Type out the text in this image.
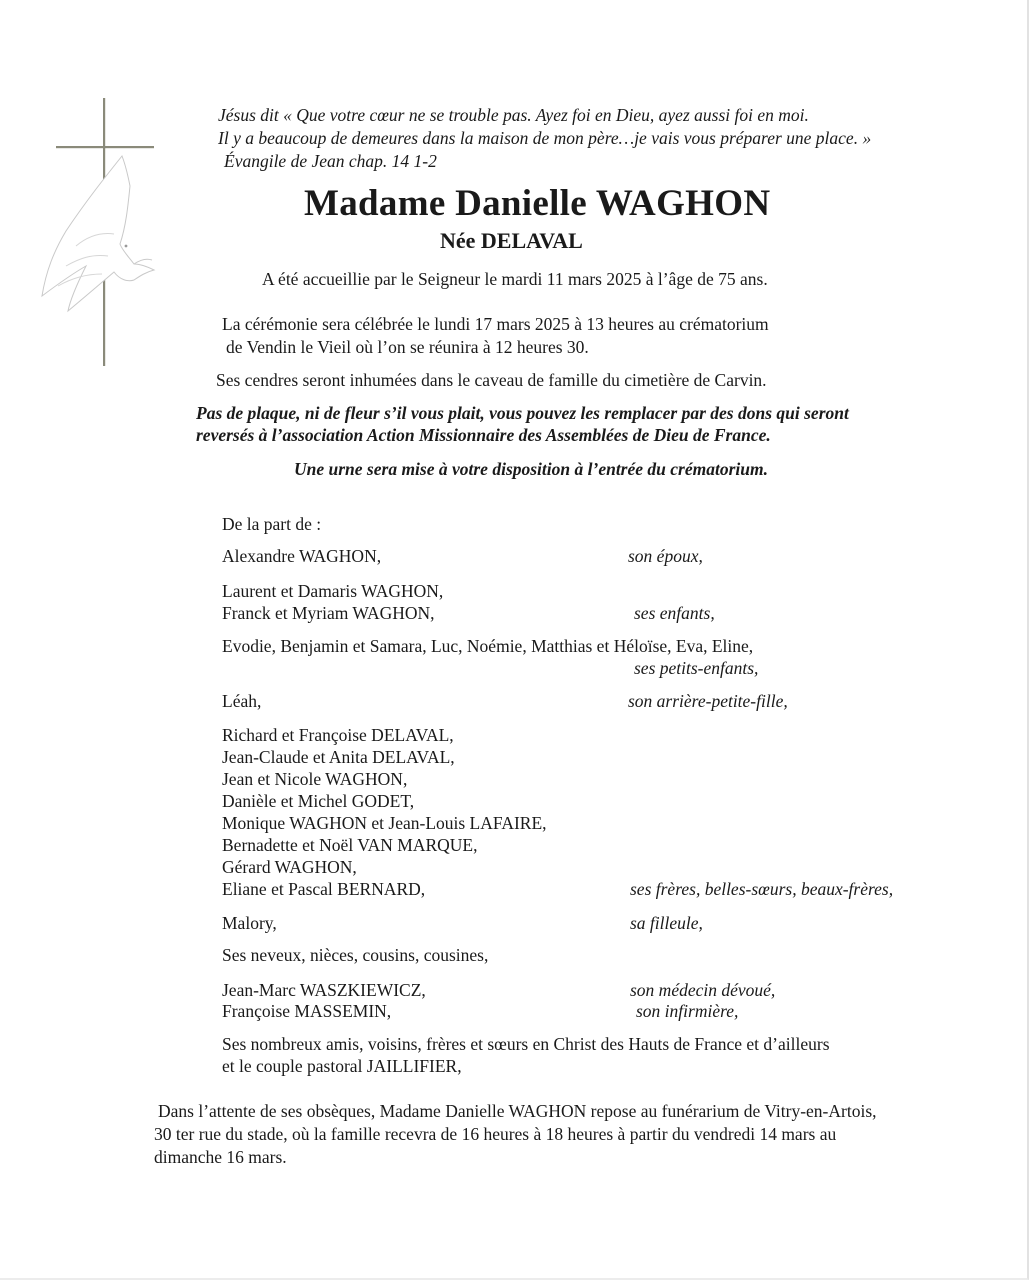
Jésus dit « Que votre cœur ne se trouble pas. Ayez foi en Dieu, ayez aussi foi en moi.
Il y a beaucoup de demeures dans la maison de mon père…je vais vous préparer une place. »
Évangile de Jean chap. 14 1-2
Madame Danielle WAGHON
Née DELAVAL
A été accueillie par le Seigneur le mardi 11 mars 2025 à l’âge de 75 ans.
La cérémonie sera célébrée le lundi 17 mars 2025 à 13 heures au crématorium
de Vendin le Vieil où l’on se réunira à 12 heures 30.
Ses cendres seront inhumées dans le caveau de famille du cimetière de Carvin.
Pas de plaque, ni de fleur s’il vous plait, vous pouvez les remplacer par des dons qui seront
reversés à l’association Action Missionnaire des Assemblées de Dieu de France.
Une urne sera mise à votre disposition à l’entrée du crématorium.
De la part de :
Alexandre WAGHON,	son époux,
Laurent et Damaris WAGHON,
Franck et Myriam WAGHON,	ses enfants,
Evodie, Benjamin et Samara, Luc, Noémie, Matthias et Héloïse, Eva, Eline,
ses petits-enfants,
Léah,	son arrière-petite-fille,
Richard et Françoise DELAVAL,
Jean-Claude et Anita DELAVAL,
Jean et Nicole WAGHON,
Danièle et Michel GODET,
Monique WAGHON et Jean-Louis LAFAIRE,
Bernadette et Noël VAN MARQUE,
Gérard WAGHON,
Eliane et Pascal BERNARD,	ses frères, belles-sœurs, beaux-frères,
Malory,	sa filleule,
Ses neveux, nièces, cousins, cousines,
Jean-Marc WASZKIEWICZ,	son médecin dévoué,
Françoise MASSEMIN,	son infirmière,
Ses nombreux amis, voisins, frères et sœurs en Christ des Hauts de France et d’ailleurs
et le couple pastoral JAILLIFIER,
Dans l’attente de ses obsèques, Madame Danielle WAGHON repose au funérarium de Vitry-en-Artois,
30 ter rue du stade, où la famille recevra de 16 heures à 18 heures à partir du vendredi 14 mars au
dimanche 16 mars.
